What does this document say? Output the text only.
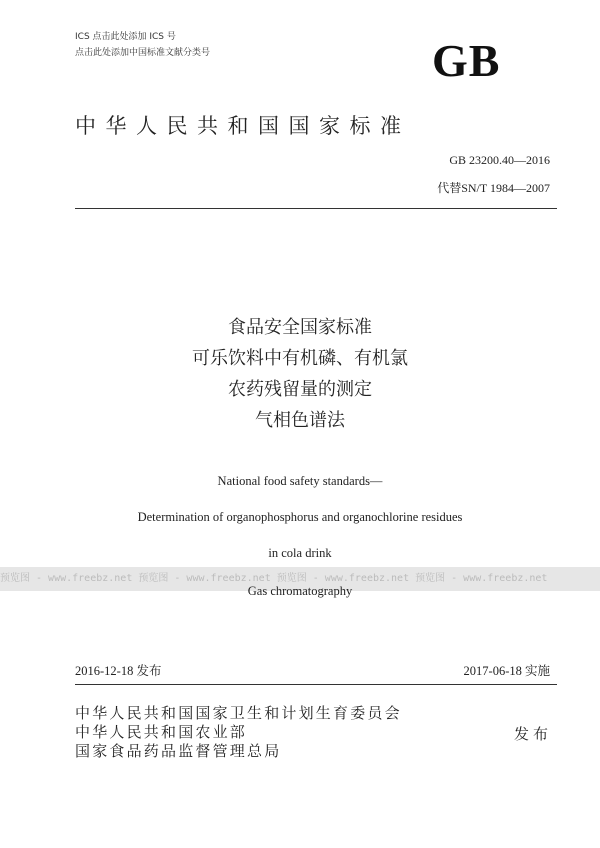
ICS 点击此处添加 ICS 号
点击此处添加中国标准文献分类号	GB
中华人民共和国国家标准
GB 23200.40—2016
代替SN/T 1984—2007
食品安全国家标准
可乐饮料中有机磷、有机氯
农药残留量的测定
气相色谱法
National food safety standards—
Determination of organophosphorus and organochlorine residues
in cola drink
预览图 - www.freebz.net 预览图 - www.freebz.net 预览图 - www.freebz.net 预览图 - www.freebz.net
Gas chromatography
2016-12-18 发布	2017-06-18 实施
中华人民共和国国家卫生和计划生育委员会
中华人民共和国农业部
国家食品药品监督管理总局
发布
